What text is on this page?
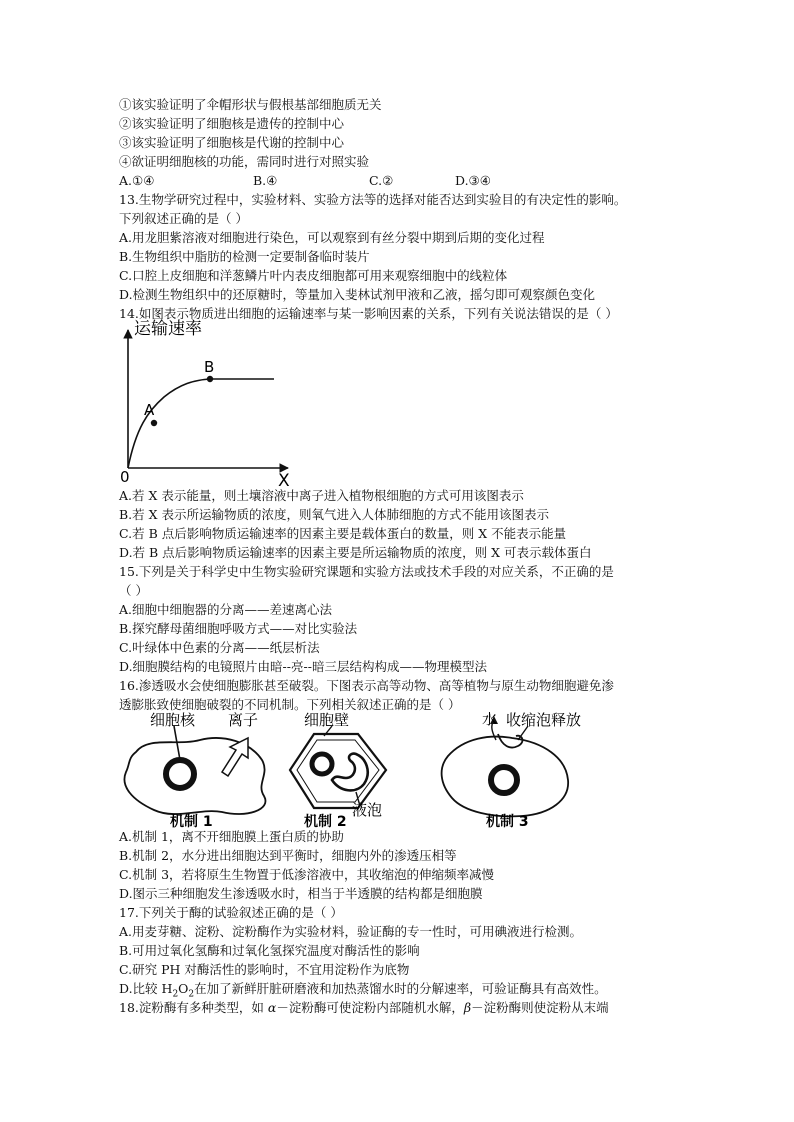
①该实验证明了伞帽形状与假根基部细胞质无关
②该实验证明了细胞核是遗传的控制中心
③该实验证明了细胞核是代谢的控制中心
④欲证明细胞核的功能，需同时进行对照实验
A.①④	B.④	C.②	D.③④
13.生物学研究过程中，实验材料、实验方法等的选择对能否达到实验目的有决定性的影响。
下列叙述正确的是（ ）
A.用龙胆紫溶液对细胞进行染色，可以观察到有丝分裂中期到后期的变化过程
B.生物组织中脂肪的检测一定要制备临时装片
C.口腔上皮细胞和洋葱鳞片叶内表皮细胞都可用来观察细胞中的线粒体
D.检测生物组织中的还原糖时，等量加入斐林试剂甲液和乙液，摇匀即可观察颜色变化
14.如图表示物质进出细胞的运输速率与某一影响因素的关系，下列有关说法错误的是（ ）
运输速率
X
0
A
B
A.若 X 表示能量，则土壤溶液中离子进入植物根细胞的方式可用该图表示
B.若 X 表示所运输物质的浓度，则氧气进入人体肺细胞的方式不能用该图表示
C.若 B 点后影响物质运输速率的因素主要是载体蛋白的数量，则 X 不能表示能量
D.若 B 点后影响物质运输速率的因素主要是所运输物质的浓度，则 X 可表示载体蛋白
15.下列是关于科学史中生物实验研究课题和实验方法或技术手段的对应关系，不正确的是
（ ）
A.细胞中细胞器的分离——差速离心法
B.探究酵母菌细胞呼吸方式——对比实验法
C.叶绿体中色素的分离——纸层析法
D.细胞膜结构的电镜照片由暗--亮--暗三层结构构成——物理模型法
16.渗透吸水会使细胞膨胀甚至破裂。下图表示高等动物、高等植物与原生动物细胞避免渗
透膨胀致使细胞破裂的不同机制。下列相关叙述正确的是（ ）
细胞核 离子	细胞壁
液泡
水 收缩泡释放
机制 1	机制 2	机制 3
A.机制 1，离不开细胞膜上蛋白质的协助
B.机制 2，水分进出细胞达到平衡时，细胞内外的渗透压相等
C.机制 3，若将原生生物置于低渗溶液中，其收缩泡的伸缩频率减慢
D.图示三种细胞发生渗透吸水时，相当于半透膜的结构都是细胞膜
17.下列关于酶的试验叙述正确的是（ ）
A.用麦芽糖、淀粉、淀粉酶作为实验材料，验证酶的专一性时，可用碘液进行检测。
B.可用过氧化氢酶和过氧化氢探究温度对酶活性的影响
C.研究 PH 对酶活性的影响时，不宜用淀粉作为底物
D.比较 $H_2O_2$在加了新鲜肝脏研磨液和加热蒸馏水时的分解速率，可验证酶具有高效性。
18.淀粉酶有多种类型，如 α－淀粉酶可使淀粉内部随机水解，β－淀粉酶则使淀粉从末端
